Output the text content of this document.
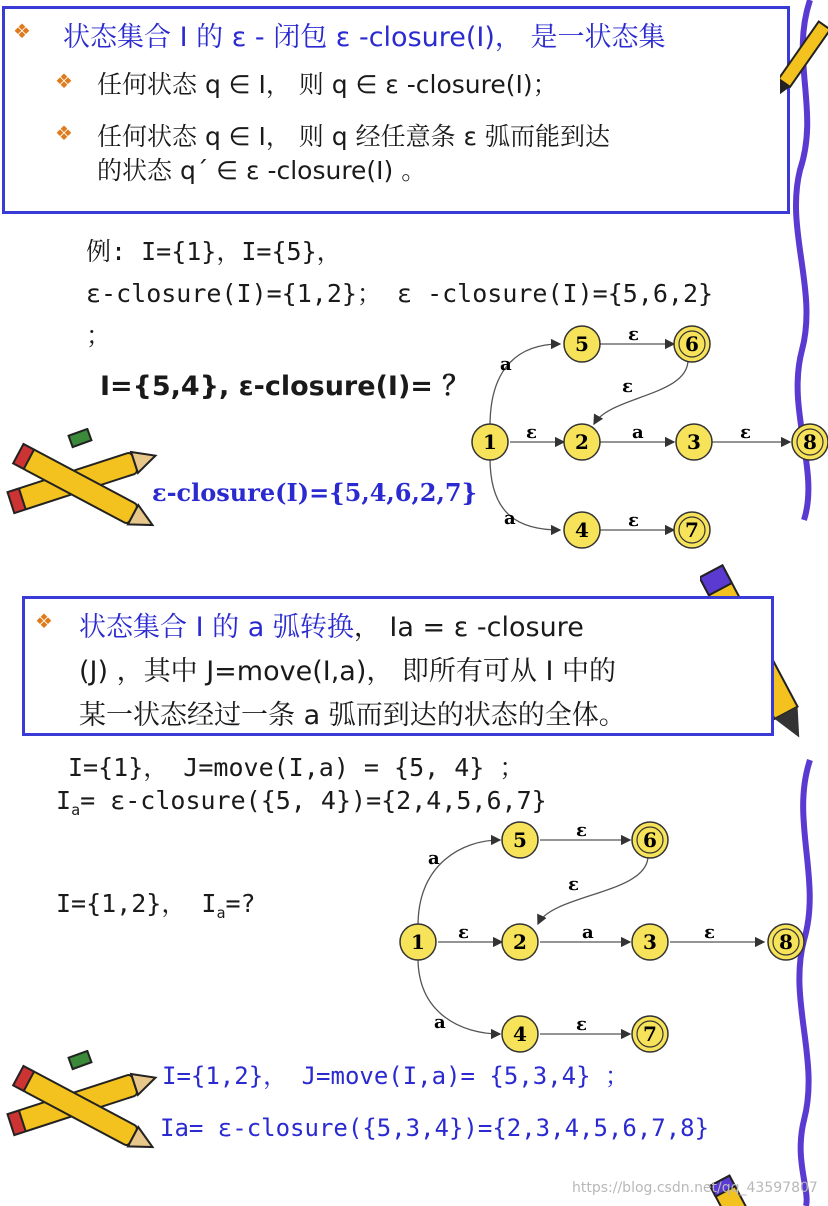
❖ 状态集合 I 的 ε - 闭包 ε -closure(I)， 是一状态集
❖ 任何状态 q ∈ I， 则 q ∈ ε -closure(I)；
❖ 任何状态 q ∈ I， 则 q 经任意条 ε 弧而能到达
的状态 q´ ∈ ε -closure(I) 。
例: I={1}，I={5}，
ε-closure(I)={1,2}； ε -closure(I)={5,6,2}
；
I={5,4}, ε-closure(I)= ？
ε-closure(I)={5,4,6,2,7}
a
ε
ε
ε	a	ε
a	ε
5	6
1	2	3	8
4	7
❖ 状态集合 I 的 a 弧转换， Ia = ε -closure
(J) ，其中 J=move(I,a)， 即所有可从 I 中的
某一状态经过一条 a 弧而到达的状态的全体。
I={1}， J=move(I,a) = {5, 4} ；
$I_a=$ ε-closure({5, 4})={2,4,5,6,7}
I={1,2}， $I_a=$?
I={1,2}， J=move(I,a)= {5,3,4} ；
Ia= ε-closure({5,3,4})={2,3,4,5,6,7,8}
a
ε
ε
ε	a	ε
a	ε
5	6
1	2	3	8
4	7
https://blog.csdn.net/qq_43597807
